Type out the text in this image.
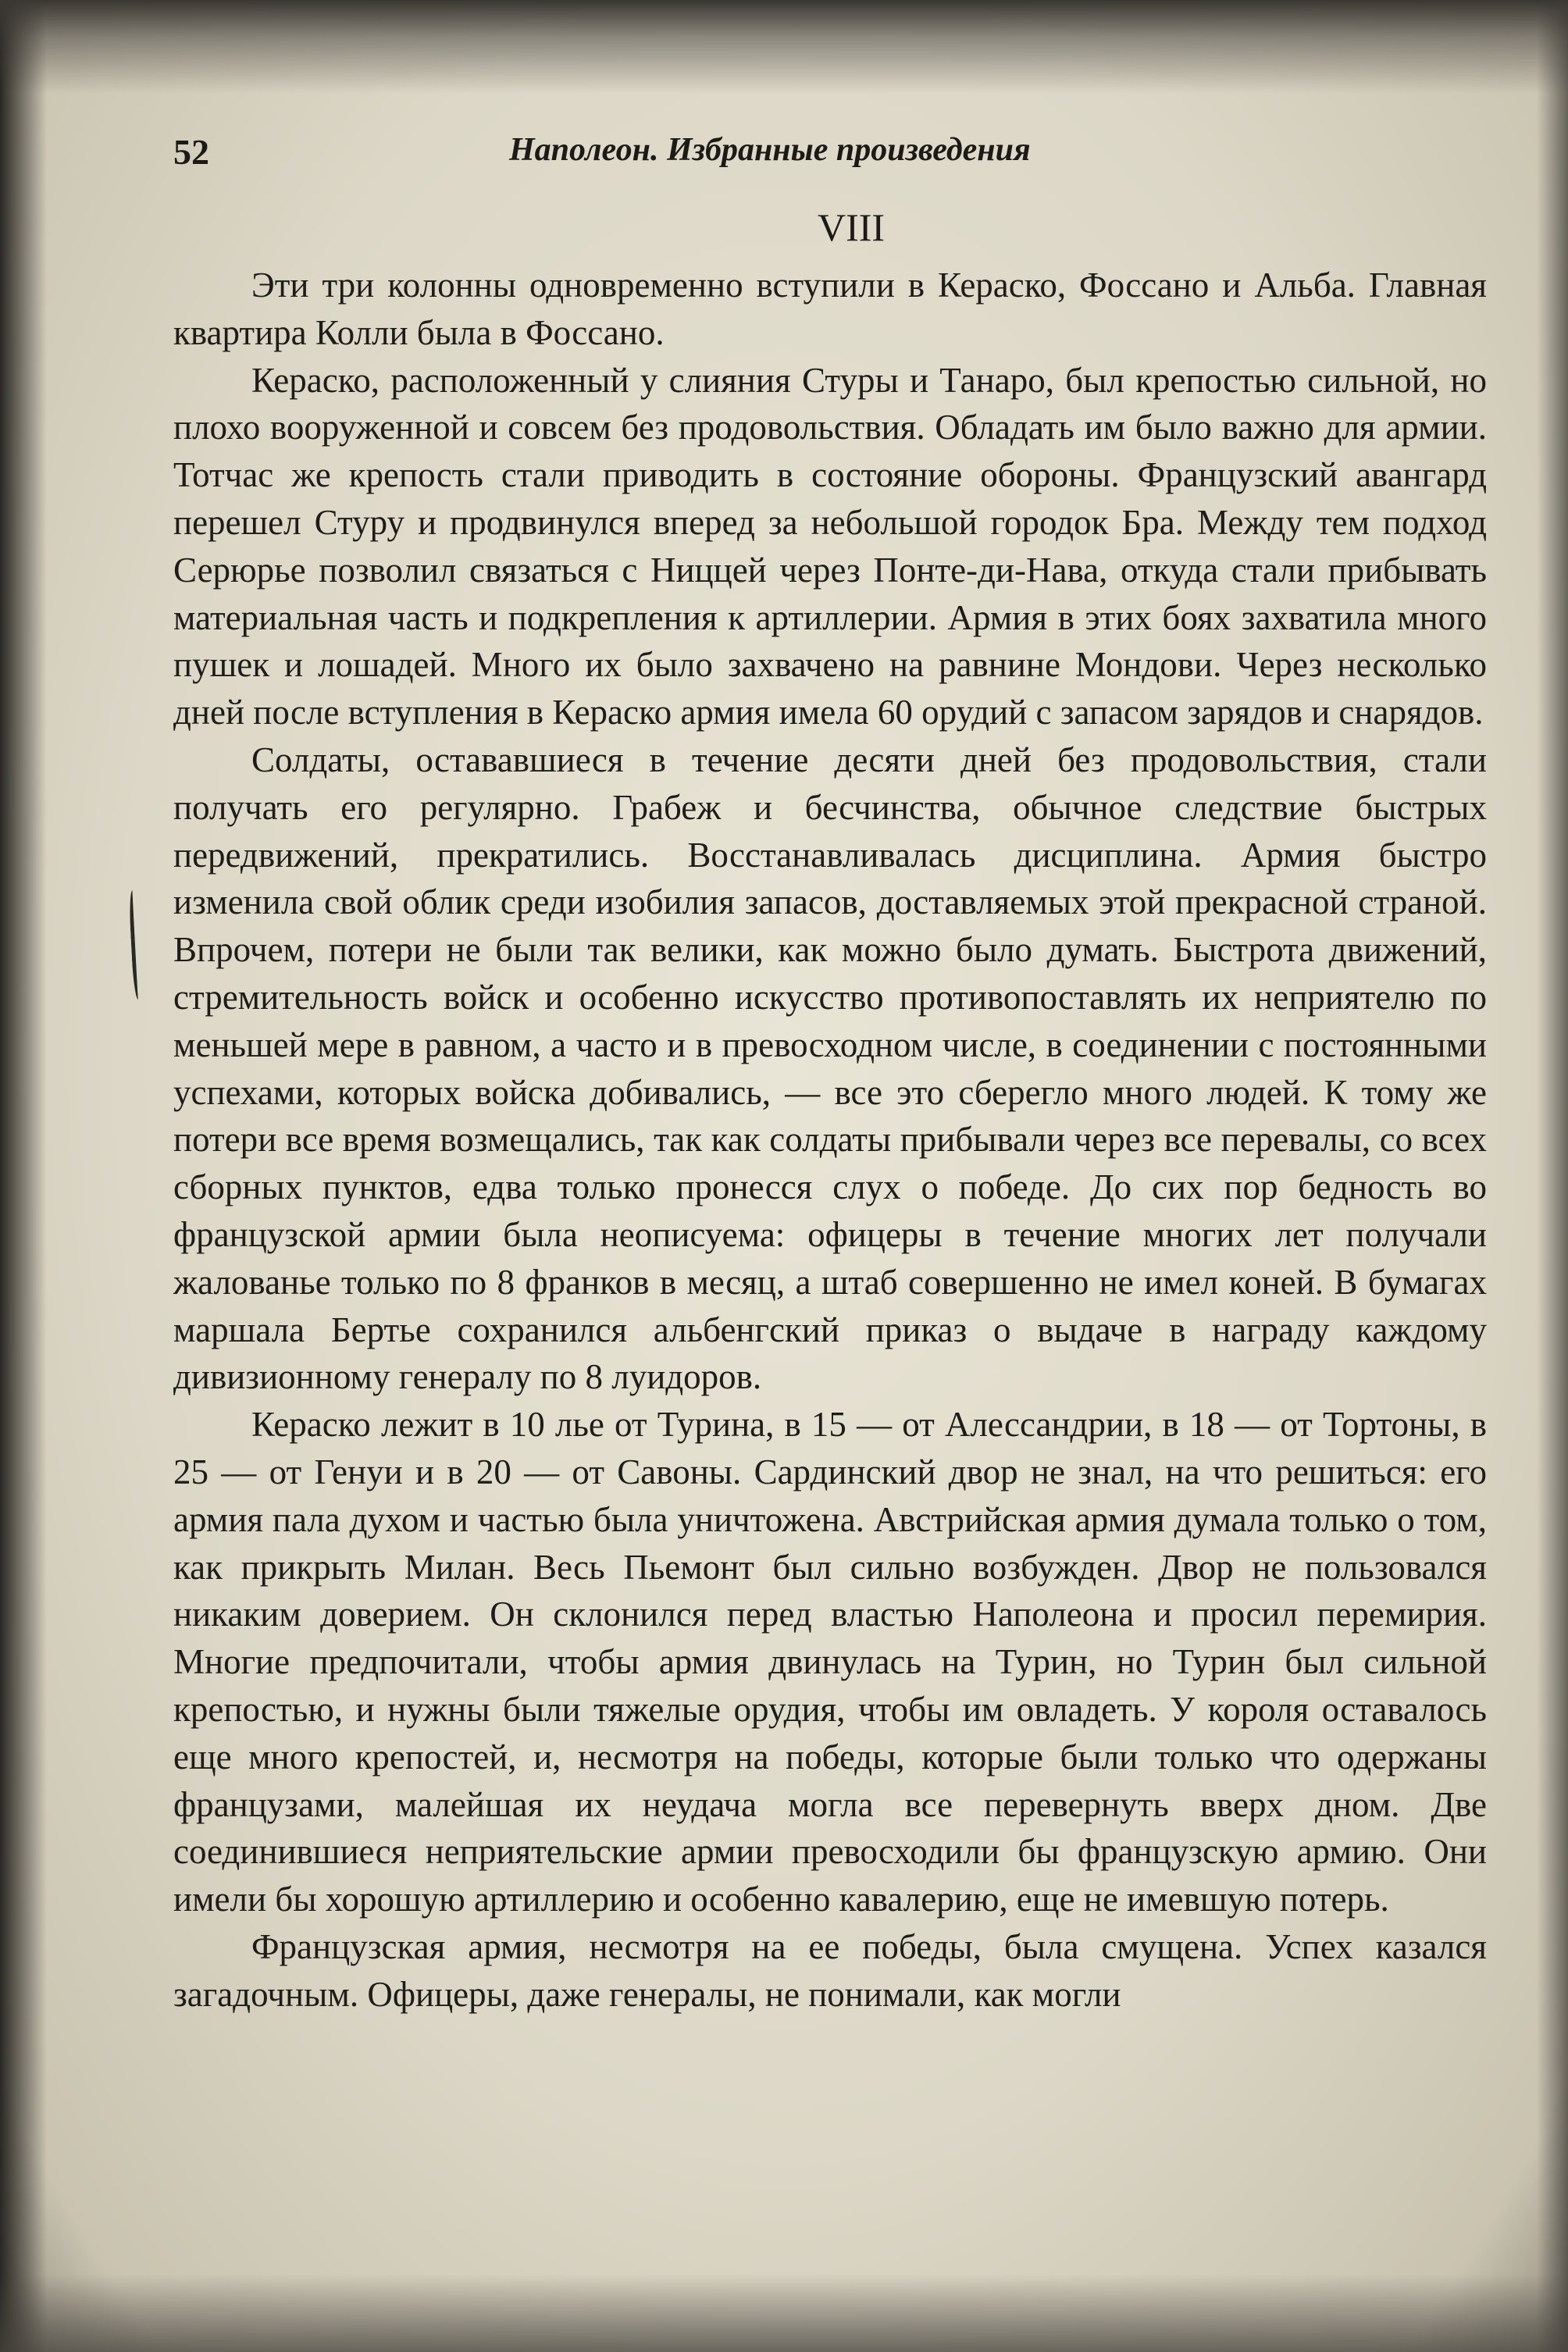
52	Наполеон. Избранные произведения
VIII

Эти три колонны одновременно вступили в Кераско, Фоссано и Альба. Главная квартира Колли была в Фоссано.

Кераско, расположенный у слияния Стуры и Танаро, был крепостью сильной, но плохо вооруженной и совсем без продовольствия. Обладать им было важно для армии. Тотчас же крепость стали приводить в состояние обороны. Французский авангард перешел Стуру и продвинулся вперед за небольшой городок Бра. Между тем подход Серюрье позволил связаться с Ниццей через Понте-ди-Нава, откуда стали прибывать материальная часть и подкрепления к артиллерии. Армия в этих боях захватила много пушек и лошадей. Много их было захвачено на равнине Мондови. Через несколько дней после вступления в Кераско армия имела 60 орудий с запасом зарядов и снарядов.

Солдаты, остававшиеся в течение десяти дней без продовольствия, стали получать его регулярно. Грабеж и бесчинства, обычное следствие быстрых передвижений, прекратились. Восстанавливалась дисциплина. Армия быстро изменила свой облик среди изобилия запасов, доставляемых этой прекрасной страной. Впрочем, потери не были так велики, как можно было думать. Быстрота движений, стремительность войск и особенно искусство противопоставлять их неприятелю по меньшей мере в равном, а часто и в превосходном числе, в соединении с постоянными успехами, которых войска добивались, — все это сберегло много людей. К тому же потери все время возмещались, так как солдаты прибывали через все перевалы, со всех сборных пунктов, едва только пронесся слух о победе. До сих пор бедность во французской армии была неописуема: офицеры в течение многих лет получали жалованье только по 8 франков в месяц, а штаб совершенно не имел коней. В бумагах маршала Бертье сохранился альбенгский приказ о выдаче в награду каждому дивизионному генералу по 8 луидоров.

Кераско лежит в 10 лье от Турина, в 15 — от Алессандрии, в 18 — от Тортоны, в 25 — от Генуи и в 20 — от Савоны. Сардинский двор не знал, на что решиться: его армия пала духом и частью была уничтожена. Австрийская армия думала только о том, как прикрыть Милан. Весь Пьемонт был сильно возбужден. Двор не пользовался никаким доверием. Он склонился перед властью Наполеона и просил перемирия. Многие предпочитали, чтобы армия двинулась на Турин, но Турин был сильной крепостью, и нужны были тяжелые орудия, чтобы им овладеть. У короля оставалось еще много крепостей, и, несмотря на победы, которые были только что одержаны французами, малейшая их неудача могла все перевернуть вверх дном. Две соединившиеся неприятельские армии превосходили бы французскую армию. Они имели бы хорошую артиллерию и особенно кавалерию, еще не имевшую потерь.

Французская армия, несмотря на ее победы, была смущена. Успех казался загадочным. Офицеры, даже генералы, не понимали, как могли
